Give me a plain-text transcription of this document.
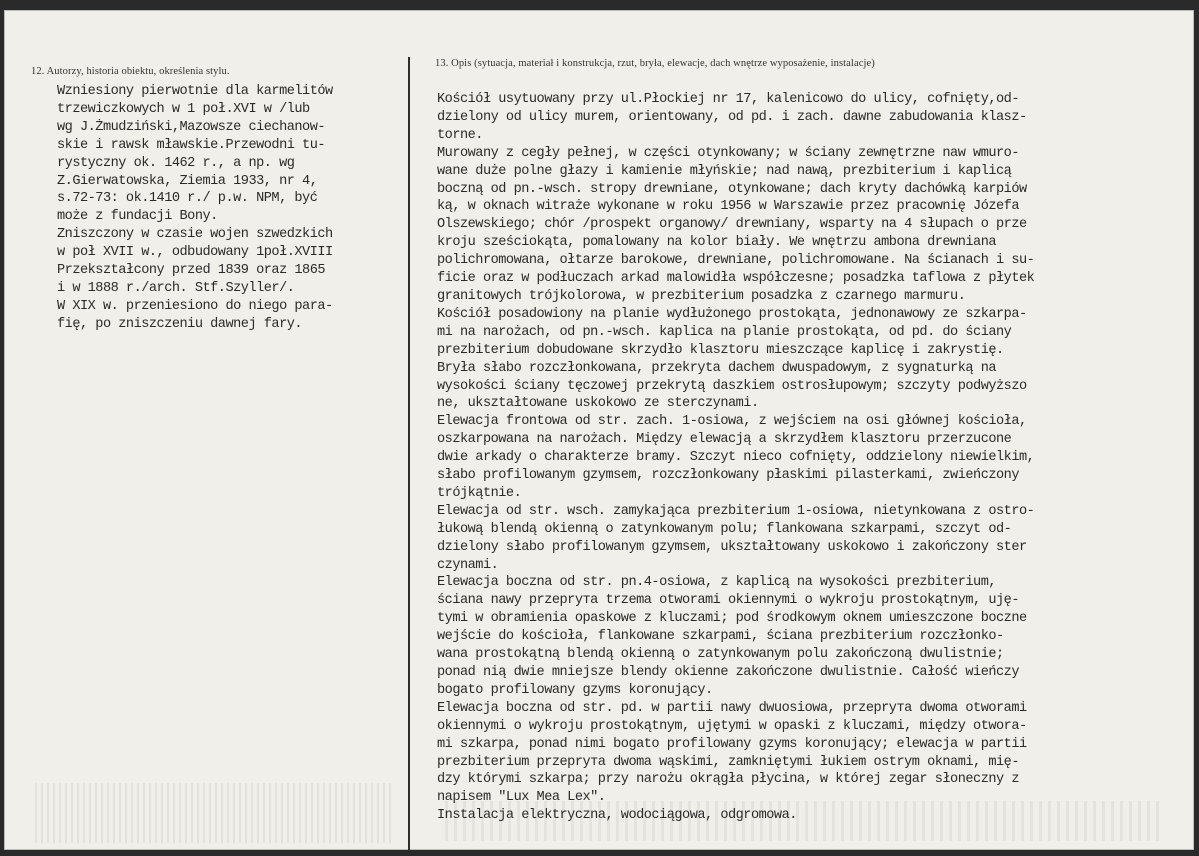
12. Autorzy, historia obiektu, określenia stylu.
13. Opis (sytuacja, materiał i konstrukcja, rzut, bryła, elewacje, dach wnętrze wyposażenie, instalacje)
Wzniesiony pierwotnie dla karmelitów
trzewiczkowych w 1 poł.XVI w /lub
wg J.Żmudziński,Mazowsze ciechanow-
skie i rawsk mławskie.Przewodni tu-
rystyczny ok. 1462 r., a np. wg
Z.Gierwatowska, Ziemia 1933, nr 4,
s.72-73: ok.1410 r./ p.w. NPM, być
może z fundacji Bony.
Zniszczony w czasie wojen szwedzkich
w poł XVII w., odbudowany 1poł.XVIII
Przekształcony przed 1839 oraz 1865
i w 1888 r./arch. Stf.Szyller/.
W XIX w. przeniesiono do niego para-
fię, po zniszczeniu dawnej fary.
Kościół usytuowany przy ul.Płockiej nr 17, kalenicowo do ulicy, cofnięty,od-
dzielony od ulicy murem, orientowany, od pd. i zach. dawne zabudowania klasz-
torne.
Murowany z cegły pełnej, w części otynkowany; w ściany zewnętrzne naw wmuro-
wane duże polne głazy i kamienie młyńskie; nad nawą, prezbiterium i kaplicą
boczną od pn.-wsch. stropy drewniane, otynkowane; dach kryty dachówką karpiów
ką, w oknach witraże wykonane w roku 1956 w Warszawie przez pracownię Józefa
Olszewskiego; chór /prospekt organowy/ drewniany, wsparty na 4 słupach o prze
kroju sześciokąta, pomalowany na kolor biały. We wnętrzu ambona drewniana
polichromowana, ołtarze barokowe, drewniane, polichromowane. Na ścianach i su-
ficie oraz w podłuczach arkad malowidła współczesne; posadzka taflowa z płytek
granitowych trójkolorowa, w prezbiterium posadzka z czarnego marmuru.
Kościół posadowiony na planie wydłużonego prostokąta, jednonawowy ze szkarpa-
mi na narożach, od pn.-wsch. kaplica na planie prostokąta, od pd. do ściany
prezbiterium dobudowane skrzydło klasztoru mieszczące kaplicę i zakrystię.
Bryła słabo rozczłonkowana, przekryta dachem dwuspadowym, z sygnaturką na
wysokości ściany tęczowej przekrytą daszkiem ostrosłupowym; szczyty podwyższo
ne, ukształtowane uskokowo ze sterczynami.
Elewacja frontowa od str. zach. 1-osiowa, z wejściem na osi głównej kościoła,
oszkarpowana na narożach. Między elewacją a skrzydłem klasztoru przerzucone
dwie arkady o charakterze bramy. Szczyt nieco cofnięty, oddzielony niewielkim,
słabo profilowanym gzymsem, rozczłonkowany płaskimi pilasterkami, zwieńczony
trójkątnie.
Elewacja od str. wsch. zamykająca prezbiterium 1-osiowa, nietynkowana z ostro-
łukową blendą okienną o zatynkowanym polu; flankowana szkarpami, szczyt od-
dzielony słabo profilowanym gzymsem, ukształtowany uskokowo i zakończony ster
czynami.
Elewacja boczna od str. pn.4-osiowa, z kaplicą na wysokości prezbiterium,
ściana nawy przeprута trzema otworami okiennymi o wykroju prostokątnym, uję-
tymi w obramienia opaskowe z kluczami; pod środkowym oknem umieszczone boczne
wejście do kościoła, flankowane szkarpami, ściana prezbiterium rozczłonko-
wana prostokątną blendą okienną o zatynkowanym polu zakończoną dwulistnie;
ponad nią dwie mniejsze blendy okienne zakończone dwulistnie. Całość wieńczy
bogato profilowany gzyms koronujący.
Elewacja boczna od str. pd. w partii nawy dwuosiowa, przeprута dwoma otworami
okiennymi o wykroju prostokątnym, ujętymi w opaski z kluczami, między otwora-
mi szkarpa, ponad nimi bogato profilowany gzyms koronujący; elewacja w partii
prezbiterium przeprута dwoma wąskimi, zamkniętymi łukiem ostrym oknami, mię-
dzy którymi szkarpa; przy narożu okrągła płycina, w której zegar słoneczny z
napisem "Lux Mea Lex".
Instalacja elektryczna, wodociągowa, odgromowa.
